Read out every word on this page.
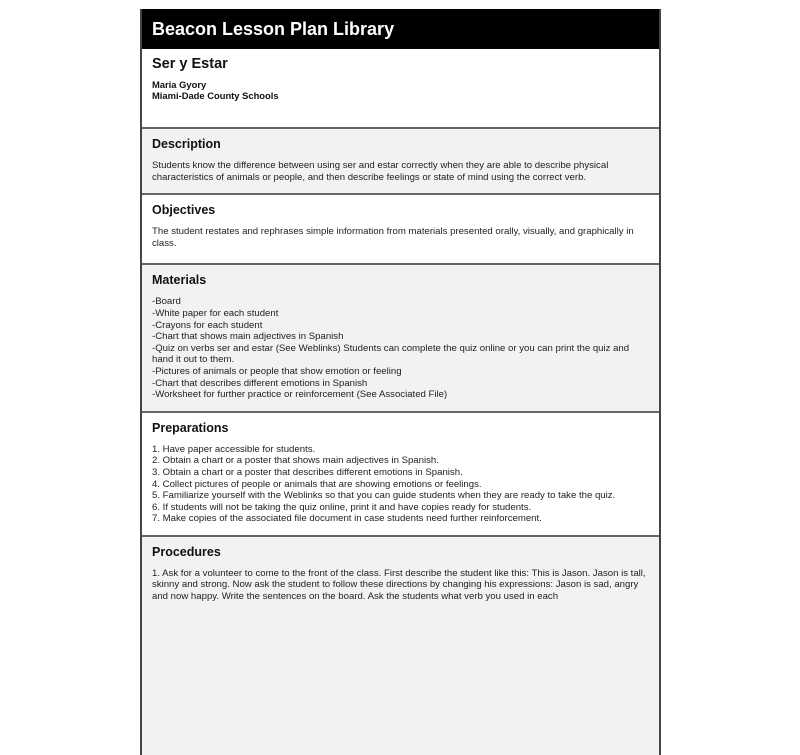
Beacon Lesson Plan Library
Ser y Estar
Maria Gyory
Miami-Dade County Schools
Description
Students know the difference between using ser and estar correctly when they are able to describe physical characteristics of animals or people, and then describe feelings or state of mind using the correct verb.
Objectives
The student restates and rephrases simple information from materials presented orally, visually, and graphically in class.
Materials
-Board
-White paper for each student
-Crayons for each student
-Chart that shows main adjectives in Spanish
-Quiz on verbs ser and estar (See Weblinks) Students can complete the quiz online or you can print the quiz and hand it out to them.
-Pictures of animals or people that show emotion or feeling
-Chart that describes different emotions in Spanish
-Worksheet for further practice or reinforcement (See Associated File)
Preparations
1. Have paper accessible for students.
2. Obtain a chart or a poster that shows main adjectives in Spanish.
3. Obtain a chart or a poster that describes different emotions in Spanish.
4. Collect pictures of people or animals that are showing emotions or feelings.
5. Familiarize yourself with the Weblinks so that you can guide students when they are ready to take the quiz.
6. If students will not be taking the quiz online, print it and have copies ready for students.
7. Make copies of the associated file document in case students need further reinforcement.
Procedures
1. Ask for a volunteer to come to the front of the class. First describe the student like this: This is Jason. Jason is tall, skinny and strong. Now ask the student to follow these directions by changing his expressions: Jason is sad, angry and now happy. Write the sentences on the board. Ask the students what verb you used in each
